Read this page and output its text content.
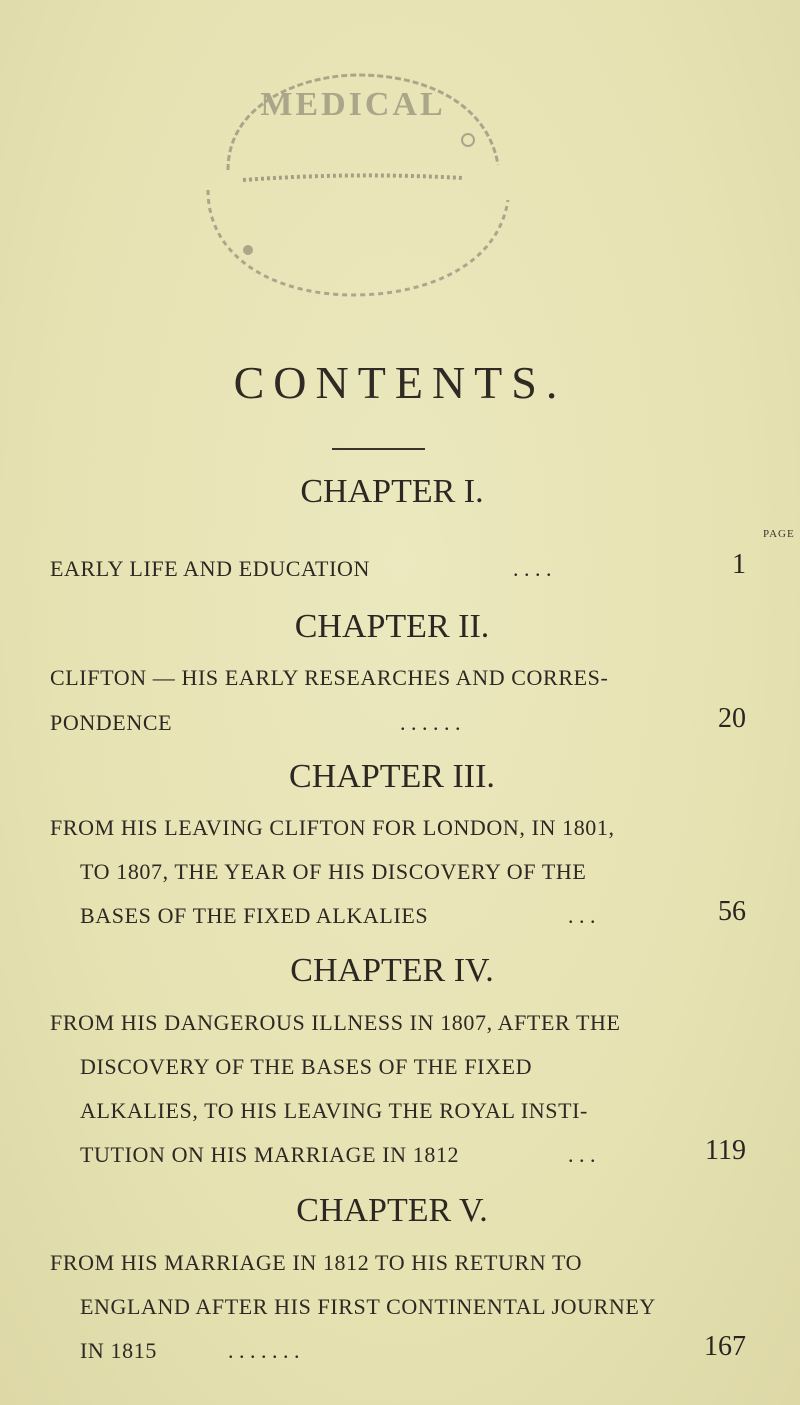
MEDICAL
CONTENTS.
PAGE
CHAPTER I.
EARLY LIFE AND EDUCATION	. . . .	1
CHAPTER II.
CLIFTON — HIS EARLY RESEARCHES AND CORRES-
PONDENCE	. . . . . .	20
CHAPTER III.
FROM HIS LEAVING CLIFTON FOR LONDON, IN 1801,
TO 1807, THE YEAR OF HIS DISCOVERY OF THE
BASES OF THE FIXED ALKALIES	. . .	56
CHAPTER IV.
FROM HIS DANGEROUS ILLNESS IN 1807, AFTER THE
DISCOVERY OF THE BASES OF THE FIXED
ALKALIES, TO HIS LEAVING THE ROYAL INSTI-
TUTION ON HIS MARRIAGE IN 1812	. . .	119
CHAPTER V.
FROM HIS MARRIAGE IN 1812 TO HIS RETURN TO
ENGLAND AFTER HIS FIRST CONTINENTAL JOURNEY
IN 1815	. . . . . . .	167
